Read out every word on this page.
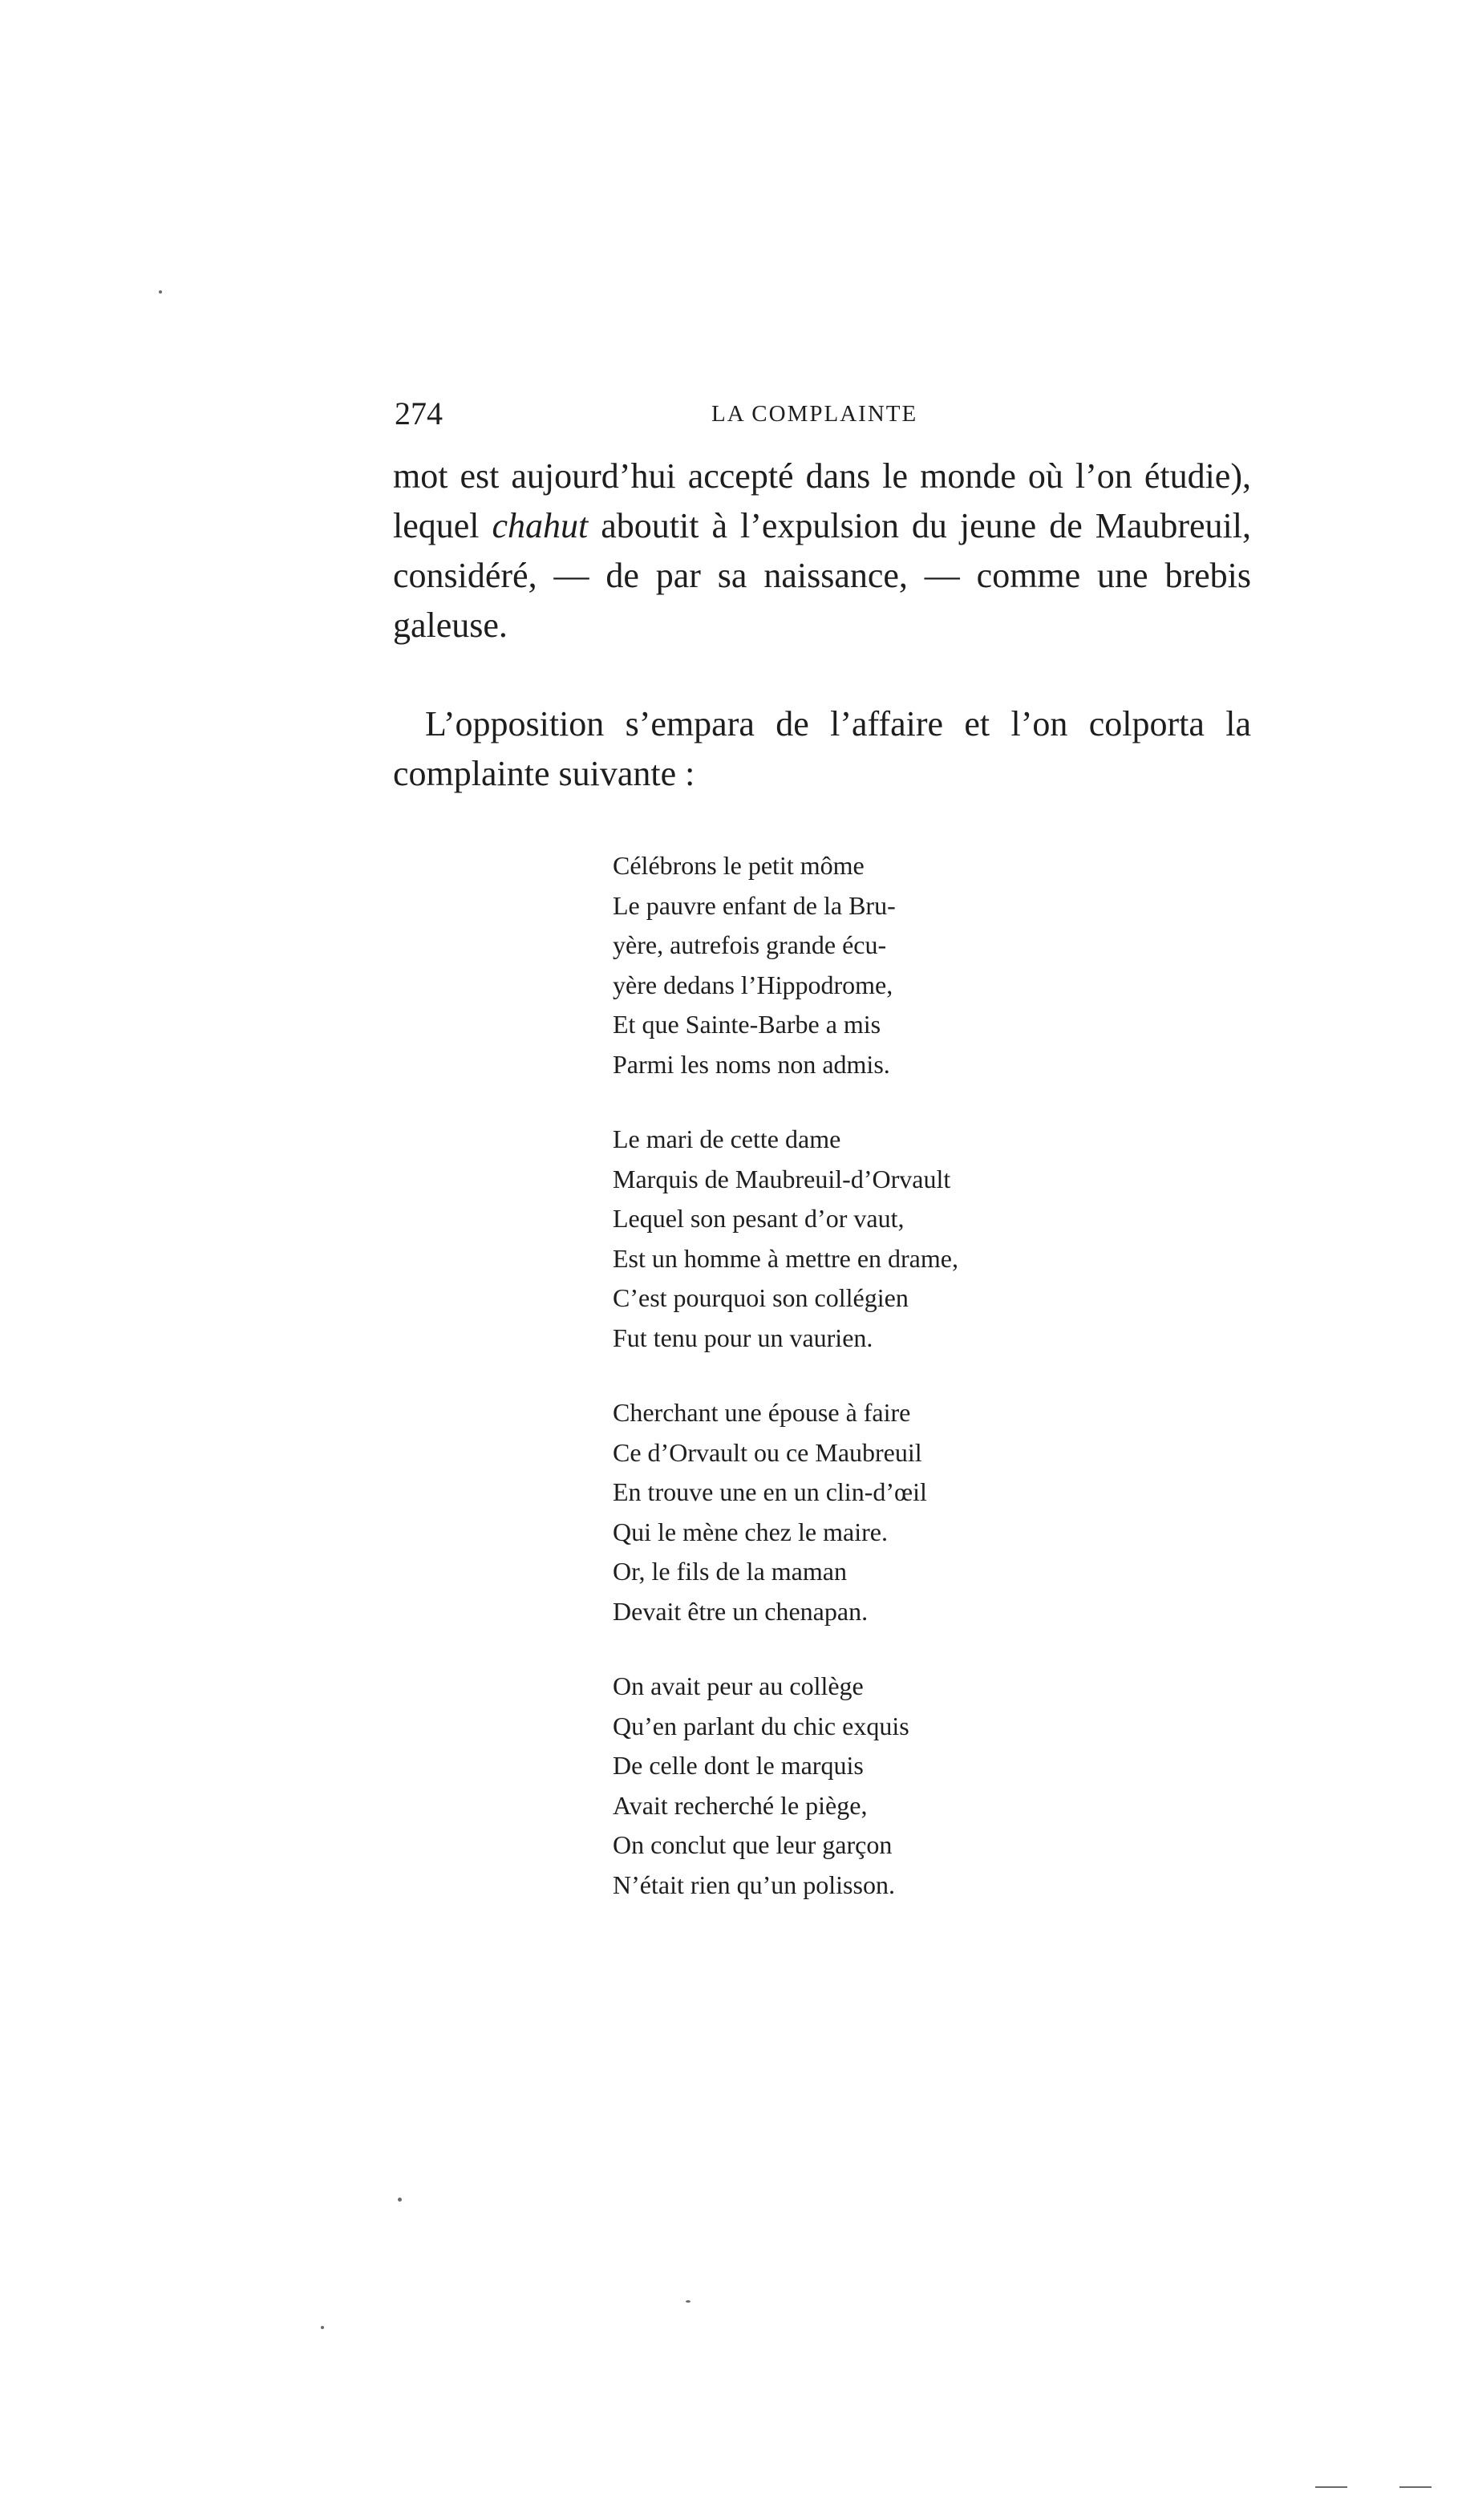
274	LA COMPLAINTE
mot est aujourd’hui accepté dans le monde où l’on étudie),
lequel chahut aboutit à l’expulsion du jeune de Maubreuil,
considéré, — de par sa naissance, — comme une brebis
galeuse.
L’opposition s’empara de l’affaire et l’on colporta la
complainte suivante :
Célébrons le petit môme
Le pauvre enfant de la Bru-
yère, autrefois grande écu-
yère dedans l’Hippodrome,
Et que Sainte-Barbe a mis
Parmi les noms non admis.
Le mari de cette dame
Marquis de Maubreuil-d’Orvault
Lequel son pesant d’or vaut,
Est un homme à mettre en drame,
C’est pourquoi son collégien
Fut tenu pour un vaurien.
Cherchant une épouse à faire
Ce d’Orvault ou ce Maubreuil
En trouve une en un clin-d’œil
Qui le mène chez le maire.
Or, le fils de la maman
Devait être un chenapan.
On avait peur au collège
Qu’en parlant du chic exquis
De celle dont le marquis
Avait recherché le piège,
On conclut que leur garçon
N’était rien qu’un polisson.
